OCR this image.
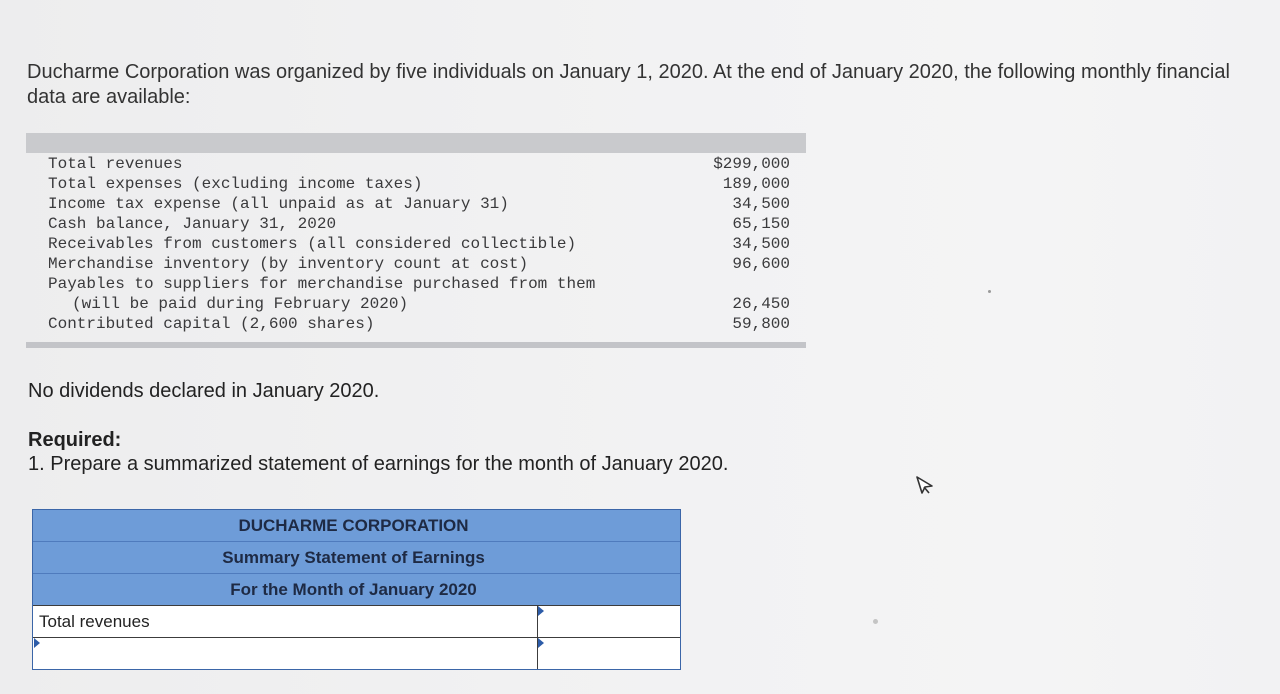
Ducharme Corporation was organized by five individuals on January 1, 2020. At the end of January 2020, the following monthly financial data are available:
Total revenues	$299,000
Total expenses (excluding income taxes)	189,000
Income tax expense (all unpaid as at January 31)	34,500
Cash balance, January 31, 2020	65,150
Receivables from customers (all considered collectible)	34,500
Merchandise inventory (by inventory count at cost)	96,600
Payables to suppliers for merchandise purchased from them
(will be paid during February 2020)	26,450
Contributed capital (2,600 shares)	59,800
No dividends declared in January 2020.
Required:
1. Prepare a summarized statement of earnings for the month of January 2020.
DUCHARME CORPORATION
Summary Statement of Earnings
For the Month of January 2020
Total revenues
